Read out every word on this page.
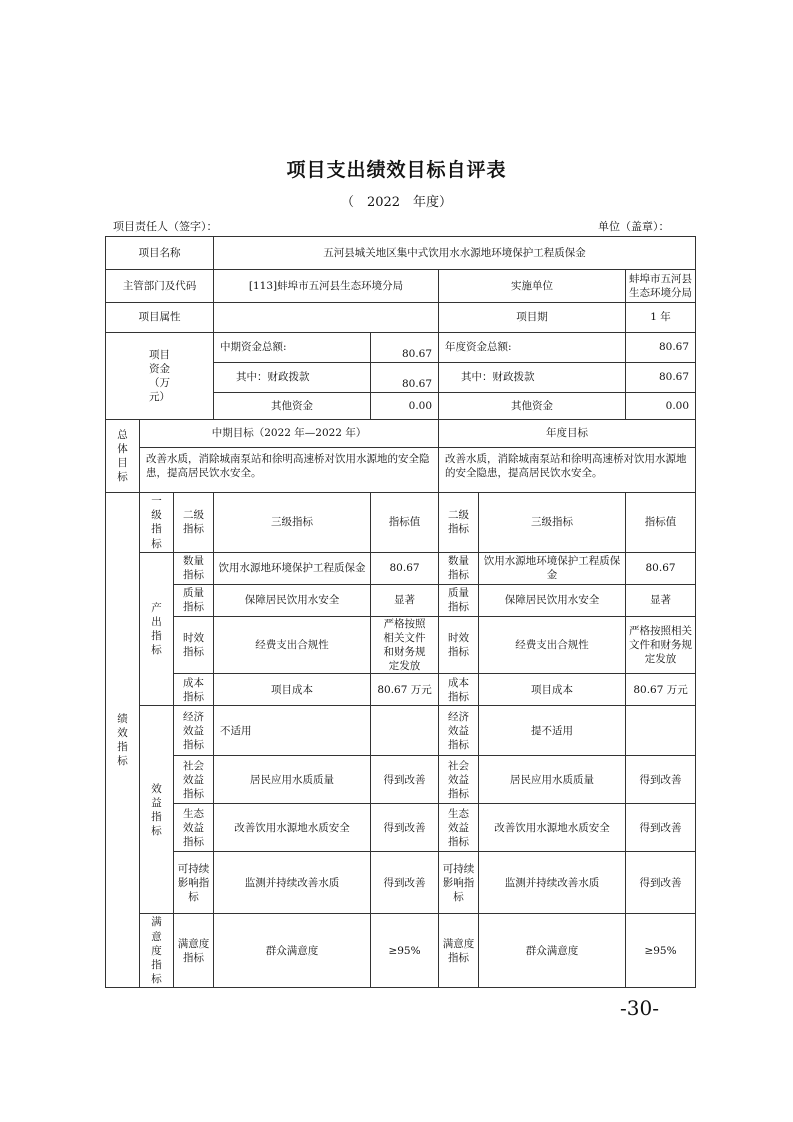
项目支出绩效目标自评表
（　2022　年度）
项目责任人（签字）：	单位（盖章）：
项目名称			五河县城关地区集中式饮用水水源地环境保护工程质保金				
主管部门及代码			[113]蚌埠市五河县生态环境分局		实施单位		蚌埠市五河县生态环境分局
项目属性					项目期		1 年
项目资金（万元）			中期资金总额:	80.67	年度资金总额:		80.67
			其中：财政拨款	80.67	其中：财政拨款		80.67
			其他资金	0.00	其他资金		0.00

总体目标	中期目标（2022 年—2022 年）				年度目标		
	改善水质，消除城南泵站和徐明高速桥对饮用水源地的安全隐患，提高居民饮水安全。				改善水质，消除城南泵站和徐明高速桥对饮用水源地的安全隐患，提高居民饮水安全。		

绩效指标	一级指标	二级指标	三级指标	指标值	二级指标	三级指标	指标值

	产出指标	数量指标	饮用水源地环境保护工程质保金	80.67	数量指标	饮用水源地环境保护工程质保金	80.67

		质量指标	保障居民饮用水安全	显著	质量指标	保障居民饮用水安全	显著

		时效指标	经费支出合规性	严格按照相关文件和财务规定发放	时效指标	经费支出合规性	严格按照相关文件和财务规定发放

		成本指标	项目成本	80.67 万元	成本指标	项目成本	80.67 万元

	效益指标	经济效益指标	不适用		经济效益指标	提不适用	

		社会效益指标	居民应用水质质量	得到改善	社会效益指标	居民应用水质质量	得到改善

		生态效益指标	改善饮用水源地水质安全	得到改善	生态效益指标	改善饮用水源地水质安全	得到改善

		可持续影响指标	监测并持续改善水质	得到改善	可持续影响指标	监测并持续改善水质	得到改善

	满意度指标	满意度指标	群众满意度	≥95%	满意度指标	群众满意度	≥95%
-30-
